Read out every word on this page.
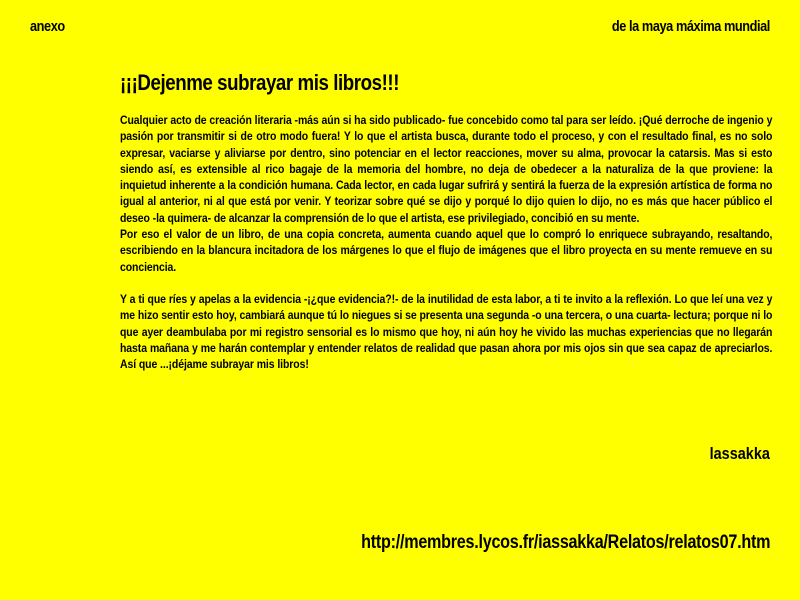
anexo	de la maya máxima mundial
¡¡¡Dejenme subrayar mis libros!!!

Cualquier acto de creación literaria -más aún si ha sido publicado- fue concebido como tal para ser leído. ¡Qué derroche de ingenio y pasión por transmitir si de otro modo fuera! Y lo que el artista busca, durante todo el proceso, y con el resultado final, es no solo expresar, vaciarse y aliviarse por dentro, sino potenciar en el lector reacciones, mover su alma, provocar la catarsis. Mas si esto siendo así, es extensible al rico bagaje de la memoria del hombre, no deja de obedecer a la naturaliza de la que proviene: la inquietud inherente a la condición humana. Cada lector, en cada lugar sufrirá y sentirá la fuerza de la expresión artística de forma no igual al anterior, ni al que está por venir. Y teorizar sobre qué se dijo y porqué lo dijo quien lo dijo, no es más que hacer público el deseo -la quimera- de alcanzar la comprensión de lo que el artista, ese privilegiado, concibió en su mente.

Por eso el valor de un libro, de una copia concreta, aumenta cuando aquel que lo compró lo enriquece subrayando, resaltando, escribiendo en la blancura incitadora de los márgenes lo que el flujo de imágenes que el libro proyecta en su mente remueve en su conciencia.

Y a ti que ríes y apelas a la evidencia -¡¿que evidencia?!- de la inutilidad de esta labor, a ti te invito a la reflexión. Lo que leí una vez y me hizo sentir esto hoy, cambiará aunque tú lo niegues si se presenta una segunda -o una tercera, o una cuarta- lectura; porque ni lo que ayer deambulaba por mi registro sensorial es lo mismo que hoy, ni aún hoy he vivido las muchas experiencias que no llegarán hasta mañana y me harán contemplar y entender relatos de realidad que pasan ahora por mis ojos sin que sea capaz de apreciarlos. Así que ...¡déjame subrayar mis libros!

lassakka
http://membres.lycos.fr/iassakka/Relatos/relatos07.htm
